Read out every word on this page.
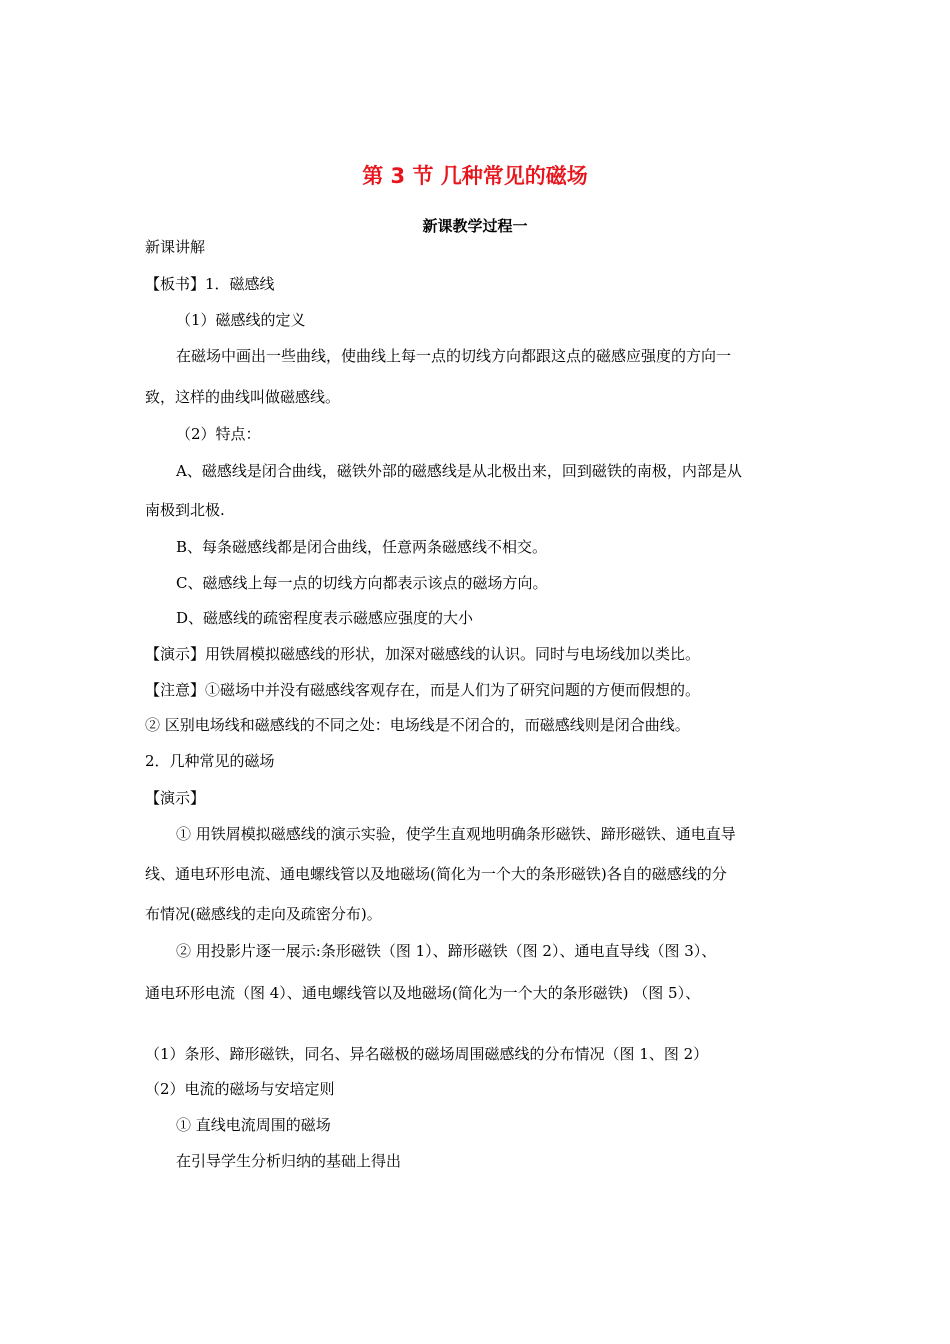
第 3 节 几种常见的磁场
新课教学过程一
新课讲解
【板书】1．磁感线
（1）磁感线的定义
在磁场中画出一些曲线，使曲线上每一点的切线方向都跟这点的磁感应强度的方向一
致，这样的曲线叫做磁感线。
（2）特点：
A、磁感线是闭合曲线，磁铁外部的磁感线是从北极出来，回到磁铁的南极，内部是从
南极到北极.
B、每条磁感线都是闭合曲线，任意两条磁感线不相交。
C、磁感线上每一点的切线方向都表示该点的磁场方向。
D、磁感线的疏密程度表示磁感应强度的大小
【演示】用铁屑模拟磁感线的形状，加深对磁感线的认识。同时与电场线加以类比。
【注意】①磁场中并没有磁感线客观存在，而是人们为了研究问题的方便而假想的。
② 区别电场线和磁感线的不同之处：电场线是不闭合的，而磁感线则是闭合曲线。
2．几种常见的磁场
【演示】
① 用铁屑模拟磁感线的演示实验，使学生直观地明确条形磁铁、蹄形磁铁、通电直导
线、通电环形电流、通电螺线管以及地磁场(简化为一个大的条形磁铁)各自的磁感线的分
布情况(磁感线的走向及疏密分布)。
② 用投影片逐一展示:条形磁铁（图 1）、蹄形磁铁（图 2）、通电直导线（图 3）、
通电环形电流（图 4）、通电螺线管以及地磁场(简化为一个大的条形磁铁) （图 5）、
（1）条形、蹄形磁铁，同名、异名磁极的磁场周围磁感线的分布情况（图 1、图 2）
（2）电流的磁场与安培定则
① 直线电流周围的磁场
在引导学生分析归纳的基础上得出
